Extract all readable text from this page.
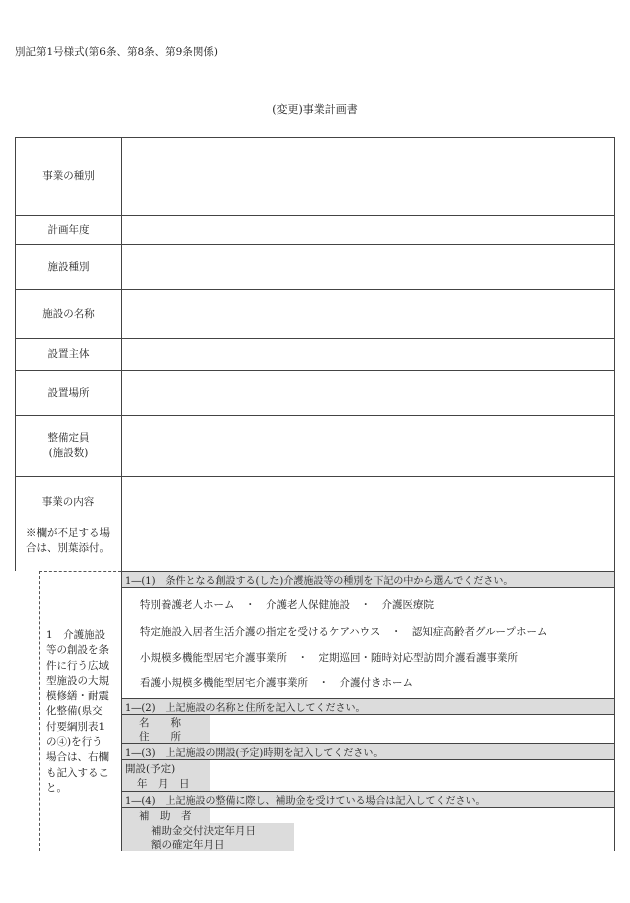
別記第1号様式(第6条、第8条、第9条関係)
(変更)事業計画書
事業の種別
計画年度
施設種別
施設の名称
設置主体
設置場所
整備定員
(施設数)
事業の内容
※欄が不足する場
合は、別葉添付。
1　介護施設
等の創設を条
件に行う広域
型施設の大規
模修繕・耐震
化整備(県交
付要綱別表1
の④)を行う
場合は、右欄
も記入するこ
と。
1―(1)　条件となる創設する(した)介護施設等の種別を下記の中から選んでください。
特別養護老人ホーム　・　介護老人保健施設　・　介護医療院
特定施設入居者生活介護の指定を受けるケアハウス　・　認知症高齢者グループホーム
小規模多機能型居宅介護事業所　・　定期巡回・随時対応型訪問介護看護事業所
看護小規模多機能型居宅介護事業所　・　介護付きホーム
1―(2)　上記施設の名称と住所を記入してください。
名　　称
住　　所
1―(3)　上記施設の開設(予定)時期を記入してください。
開設(予定)
年　月　日
1―(4)　上記施設の整備に際し、補助金を受けている場合は記入してください。
補　助　者
補助金交付決定年月日
額の確定年月日
